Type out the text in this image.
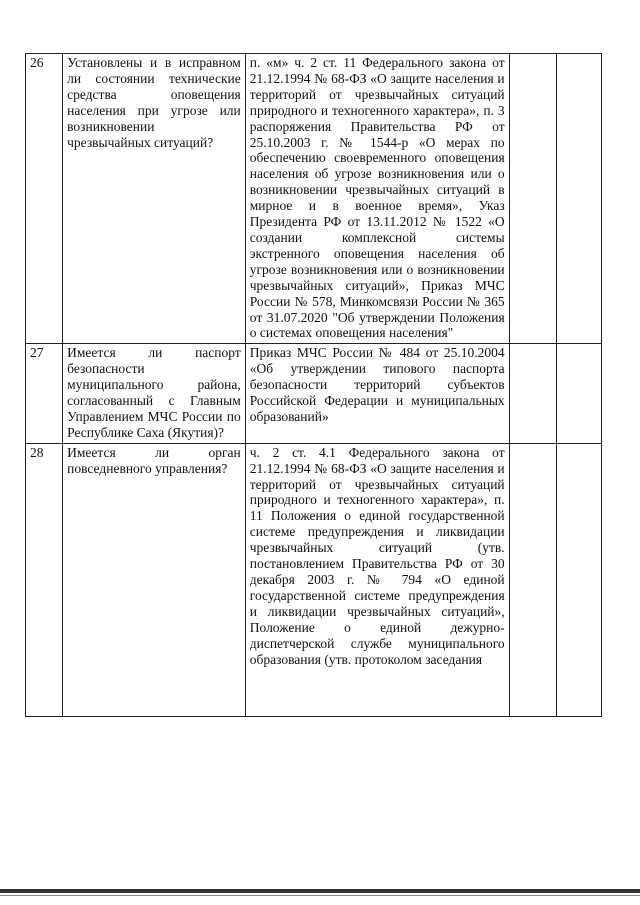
26	Установлены и в исправном ли состоянии технические средства оповещения населения при угрозе или возникновении чрезвычайных ситуаций?	п. «м» ч. 2 ст. 11 Федерального закона от 21.12.1994 № 68-ФЗ «О защите населения и территорий от чрезвычайных ситуаций природного и техногенного характера», п. 3 распоряжения Правительства РФ от 25.10.2003 г. № 1544-р «О мерах по обеспечению своевременного оповещения населения об угрозе возникновения или о возникновении чрезвычайных ситуаций в мирное и в военное время», Указ Президента РФ от 13.11.2012 № 1522 «О создании комплексной системы экстренного оповещения населения об угрозе возникновения или о возникновении чрезвычайных ситуаций», Приказ МЧС России № 578, Минкомсвязи России № 365 от 31.07.2020 "Об утверждении Положения о системах оповещения населения"		
27	Имеется ли паспорт безопасности муниципального района, согласованный с Главным Управлением МЧС России по Республике Саха (Якутия)?	Приказ МЧС России № 484 от 25.10.2004 «Об утверждении типового паспорта безопасности территорий субъектов Российской Федерации и муниципальных образований»		
28	Имеется ли орган повседневного управления?	ч. 2 ст. 4.1 Федерального закона от 21.12.1994 № 68-ФЗ «О защите населения и территорий от чрезвычайных ситуаций природного и техногенного характера», п. 11 Положения о единой государственной системе предупреждения и ликвидации чрезвычайных ситуаций (утв. постановлением Правительства РФ от 30 декабря 2003 г. № 794 «О единой государственной системе предупреждения и ликвидации чрезвычайных ситуаций», Положение о единой дежурно-диспетчерской службе муниципального образования (утв. протоколом заседания		
